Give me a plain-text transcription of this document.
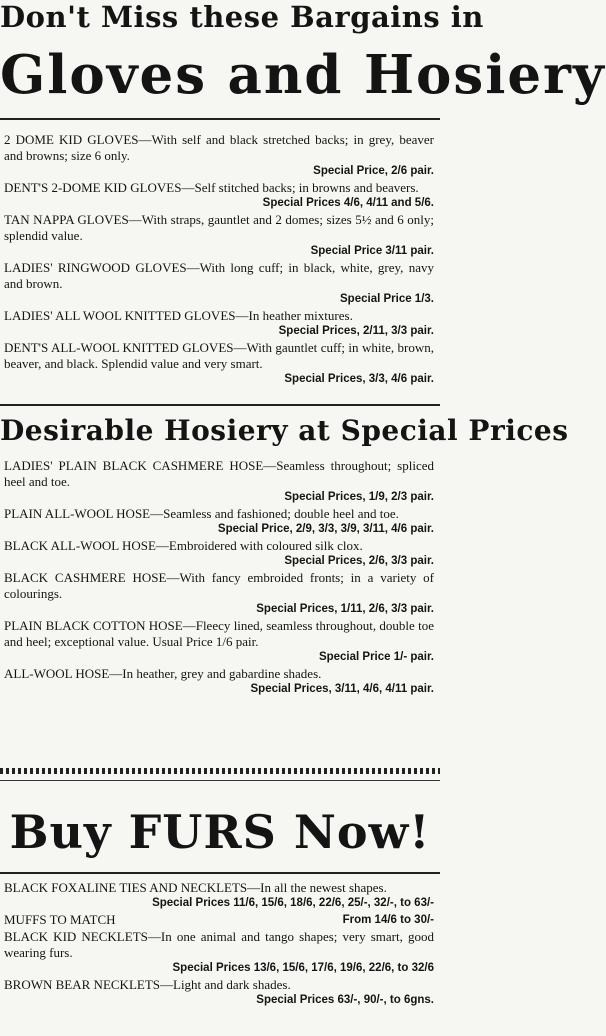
Don't Miss these Bargains in
Gloves and Hosiery
2 DOME KID GLOVES—With self and black stretched backs; in grey, beaver and browns; size 6 only.
Special Price, 2/6 pair.
DENT'S 2-DOME KID GLOVES—Self stitched backs; in browns and beavers.
Special Prices 4/6, 4/11 and 5/6.
TAN NAPPA GLOVES—With straps, gauntlet and 2 domes; sizes 5½ and 6 only; splendid value.
Special Price 3/11 pair.
LADIES' RINGWOOD GLOVES—With long cuff; in black, white, grey, navy and brown.
Special Price 1/3.
LADIES' ALL WOOL KNITTED GLOVES—In heather mixtures.
Special Prices, 2/11, 3/3 pair.
DENT'S ALL-WOOL KNITTED GLOVES—With gauntlet cuff; in white, brown, beaver, and black. Splendid value and very smart.
Special Prices, 3/3, 4/6 pair.
Desirable Hosiery at Special Prices
LADIES' PLAIN BLACK CASHMERE HOSE—Seamless throughout; spliced heel and toe.
Special Prices, 1/9, 2/3 pair.
PLAIN ALL-WOOL HOSE—Seamless and fashioned; double heel and toe.
Special Price, 2/9, 3/3, 3/9, 3/11, 4/6 pair.
BLACK ALL-WOOL HOSE—Embroidered with coloured silk clox.
Special Prices, 2/6, 3/3 pair.
BLACK CASHMERE HOSE—With fancy embroided fronts; in a variety of colourings.
Special Prices, 1/11, 2/6, 3/3 pair.
PLAIN BLACK COTTON HOSE—Fleecy lined, seamless throughout, double toe and heel; exceptional value. Usual Price 1/6 pair.
Special Price 1/- pair.
ALL-WOOL HOSE—In heather, grey and gabardine shades.
Special Prices, 3/11, 4/6, 4/11 pair.
Buy FURS Now!
BLACK FOXALINE TIES AND NECKLETS—In all the newest shapes.
Special Prices 11/6, 15/6, 18/6, 22/6, 25/-, 32/-, to 63/-
From 14/6 to 30/-
MUFFS TO MATCH
BLACK KID NECKLETS—In one animal and tango shapes; very smart, good wearing furs.
Special Prices 13/6, 15/6, 17/6, 19/6, 22/6, to 32/6
BROWN BEAR NECKLETS—Light and dark shades.
Special Prices 63/-, 90/-, to 6gns.
